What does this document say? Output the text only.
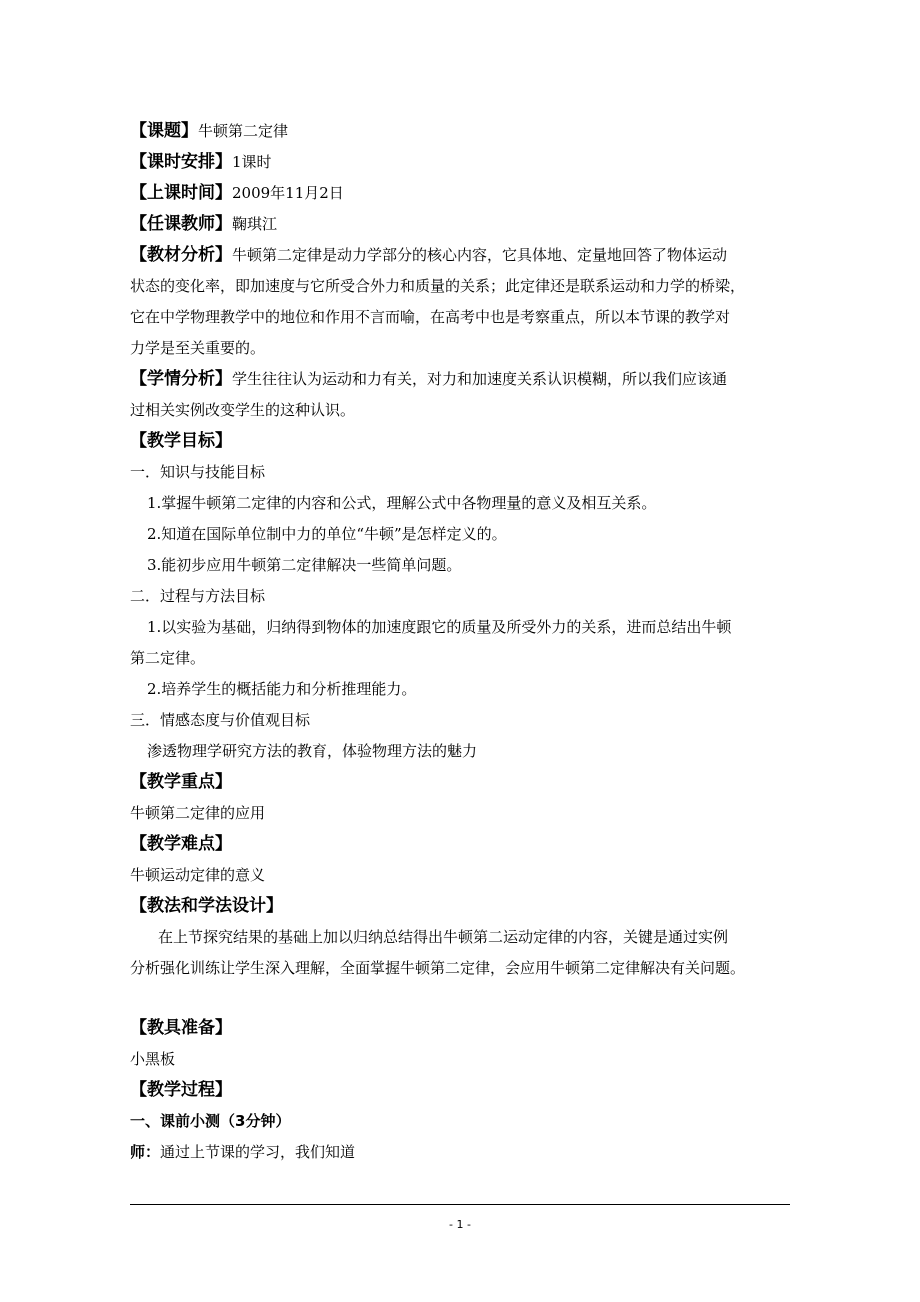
【课题】牛顿第二定律
【课时安排】1课时
【上课时间】2009年11月2日
【任课教师】鞠琪江
【教材分析】牛顿第二定律是动力学部分的核心内容，它具体地、定量地回答了物体运动
状态的变化率，即加速度与它所受合外力和质量的关系；此定律还是联系运动和力学的桥梁，
它在中学物理教学中的地位和作用不言而喻，在高考中也是考察重点，所以本节课的教学对
力学是至关重要的。
【学情分析】学生往往认为运动和力有关，对力和加速度关系认识模糊，所以我们应该通
过相关实例改变学生的这种认识。
【教学目标】
一．知识与技能目标
1.掌握牛顿第二定律的内容和公式，理解公式中各物理量的意义及相互关系。
2.知道在国际单位制中力的单位“牛顿”是怎样定义的。
3.能初步应用牛顿第二定律解决一些简单问题。
二．过程与方法目标
1.以实验为基础，归纳得到物体的加速度跟它的质量及所受外力的关系，进而总结出牛顿
第二定律。
2.培养学生的概括能力和分析推理能力。
三．情感态度与价值观目标
渗透物理学研究方法的教育，体验物理方法的魅力
【教学重点】
牛顿第二定律的应用
【教学难点】
牛顿运动定律的意义
【教法和学法设计】
在上节探究结果的基础上加以归纳总结得出牛顿第二运动定律的内容，关键是通过实例
分析强化训练让学生深入理解，全面掌握牛顿第二定律，会应用牛顿第二定律解决有关问题。
【教具准备】
小黑板
【教学过程】
一、课前小测（3分钟）
师：通过上节课的学习，我们知道
- 1 -
